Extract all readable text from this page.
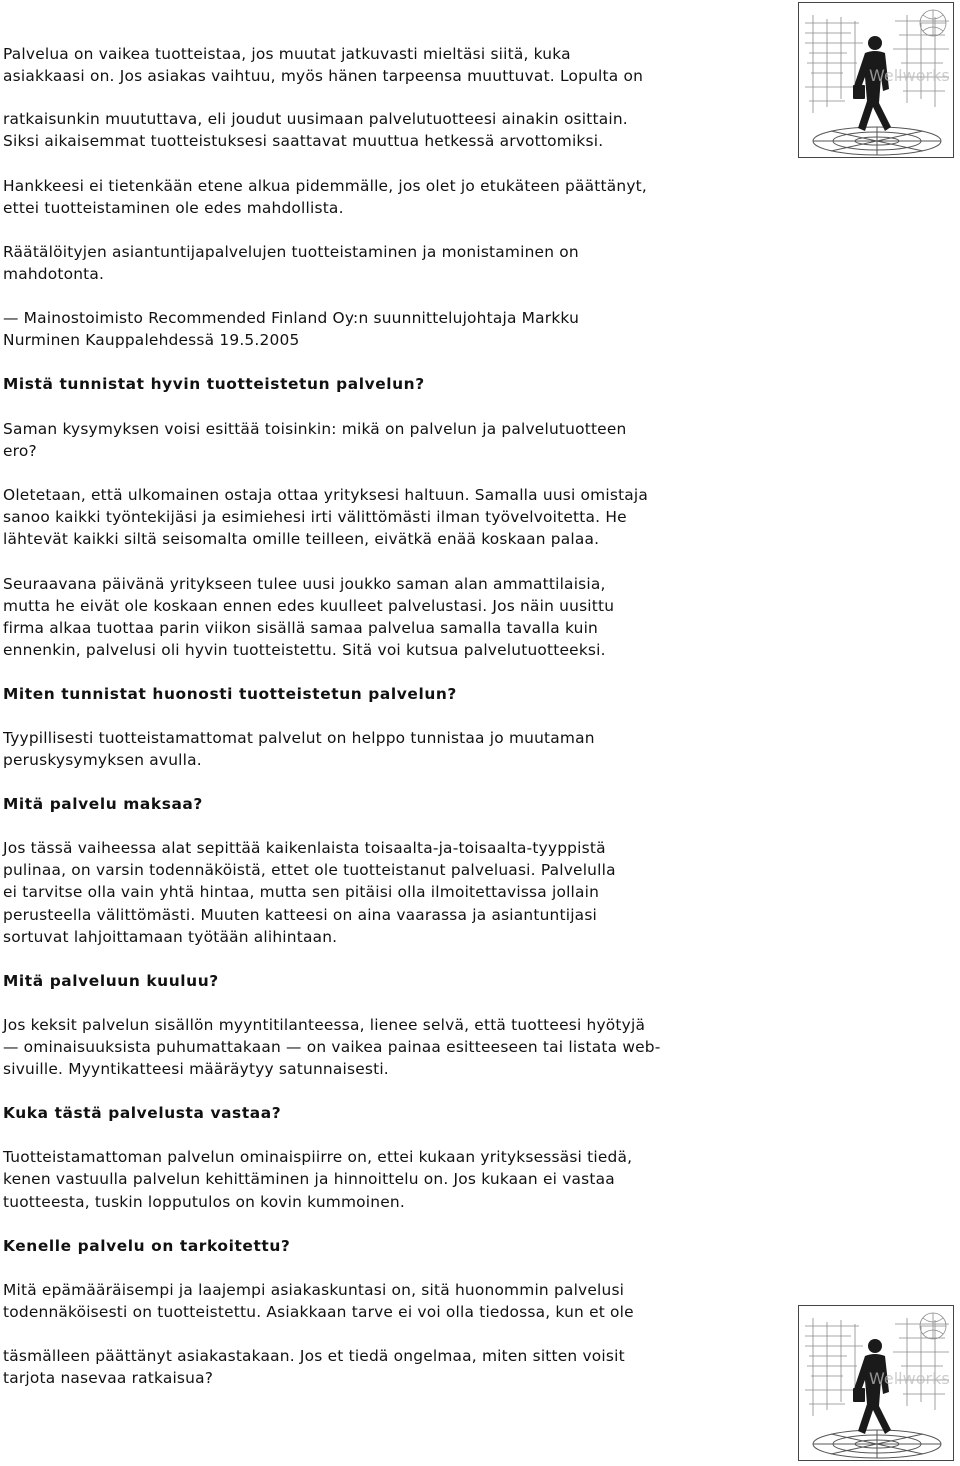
Wellworks
Wellworks

Palvelua on vaikea tuotteistaa, jos muutat jatkuvasti mieltäsi siitä, kuka

asiakkaasi on. Jos asiakas vaihtuu, myös hänen tarpeensa muuttuvat. Lopulta on

ratkaisunkin muututtava, eli joudut uusimaan palvelutuotteesi ainakin osittain.

Siksi aikaisemmat tuotteistuksesi saattavat muuttua hetkessä arvottomiksi.

Hankkeesi ei tietenkään etene alkua pidemmälle, jos olet jo etukäteen päättänyt,

ettei tuotteistaminen ole edes mahdollista.

Räätälöityjen asiantuntijapalvelujen tuotteistaminen ja monistaminen on

mahdotonta.

— Mainostoimisto Recommended Finland Oy:n suunnittelujohtaja Markku

Nurminen Kauppalehdessä 19.5.2005

Mistä tunnistat hyvin tuotteistetun palvelun?

Saman kysymyksen voisi esittää toisinkin: mikä on palvelun ja palvelutuotteen

ero?

Oletetaan, että ulkomainen ostaja ottaa yrityksesi haltuun. Samalla uusi omistaja

sanoo kaikki työntekijäsi ja esimiehesi irti välittömästi ilman työvelvoitetta. He

lähtevät kaikki siltä seisomalta omille teilleen, eivätkä enää koskaan palaa.

Seuraavana päivänä yritykseen tulee uusi joukko saman alan ammattilaisia,

mutta he eivät ole koskaan ennen edes kuulleet palvelustasi. Jos näin uusittu

firma alkaa tuottaa parin viikon sisällä samaa palvelua samalla tavalla kuin

ennenkin, palvelusi oli hyvin tuotteistettu. Sitä voi kutsua palvelutuotteeksi.

Miten tunnistat huonosti tuotteistetun palvelun?

Tyypillisesti tuotteistamattomat palvelut on helppo tunnistaa jo muutaman

peruskysymyksen avulla.

Mitä palvelu maksaa?

Jos tässä vaiheessa alat sepittää kaikenlaista toisaalta-ja-toisaalta-tyyppistä

pulinaa, on varsin todennäköistä, ettet ole tuotteistanut palveluasi. Palvelulla

ei tarvitse olla vain yhtä hintaa, mutta sen pitäisi olla ilmoitettavissa jollain

perusteella välittömästi. Muuten katteesi on aina vaarassa ja asiantuntijasi

sortuvat lahjoittamaan työtään alihintaan.

Mitä palveluun kuuluu?

Jos keksit palvelun sisällön myyntitilanteessa, lienee selvä, että tuotteesi hyötyjä

— ominaisuuksista puhumattakaan — on vaikea painaa esitteeseen tai listata web-

sivuille. Myyntikatteesi määräytyy satunnaisesti.

Kuka tästä palvelusta vastaa?

Tuotteistamattoman palvelun ominaispiirre on, ettei kukaan yrityksessäsi tiedä,

kenen vastuulla palvelun kehittäminen ja hinnoittelu on. Jos kukaan ei vastaa

tuotteesta, tuskin lopputulos on kovin kummoinen.

Kenelle palvelu on tarkoitettu?

Mitä epämääräisempi ja laajempi asiakaskuntasi on, sitä huonommin palvelusi

todennäköisesti on tuotteistettu. Asiakkaan tarve ei voi olla tiedossa, kun et ole

täsmälleen päättänyt asiakastakaan. Jos et tiedä ongelmaa, miten sitten voisit

tarjota nasevaa ratkaisua?
